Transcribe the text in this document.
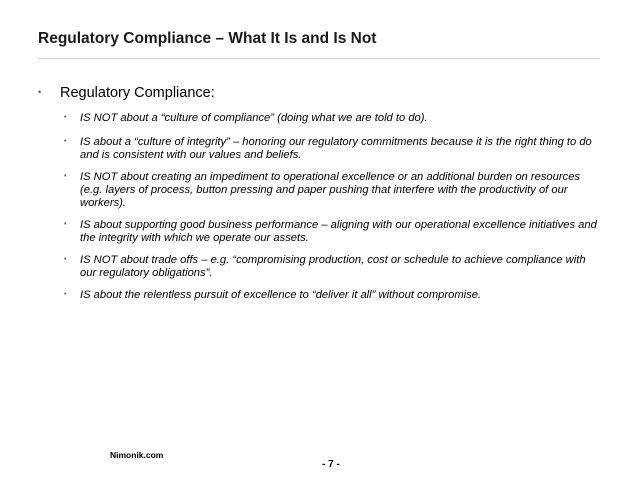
Regulatory Compliance – What It Is and Is Not
•	Regulatory Compliance:
•	IS NOT about a “culture of compliance” (doing what we are told to do).
•	IS about a “culture of integrity” – honoring our regulatory commitments because it is the right thing to do and is consistent with our values and beliefs.
•	IS NOT about creating an impediment to operational excellence or an additional burden on resources (e.g. layers of process, button pressing and paper pushing that interfere with the productivity of our workers).
•	IS about supporting good business performance – aligning with our operational excellence initiatives and the integrity with which we operate our assets.
•	IS NOT about trade offs – e.g. “compromising production, cost or schedule to achieve compliance with our regulatory obligations”.
•	IS about the relentless pursuit of excellence to “deliver it all” without compromise.
Nimonik.com
- 7 -
